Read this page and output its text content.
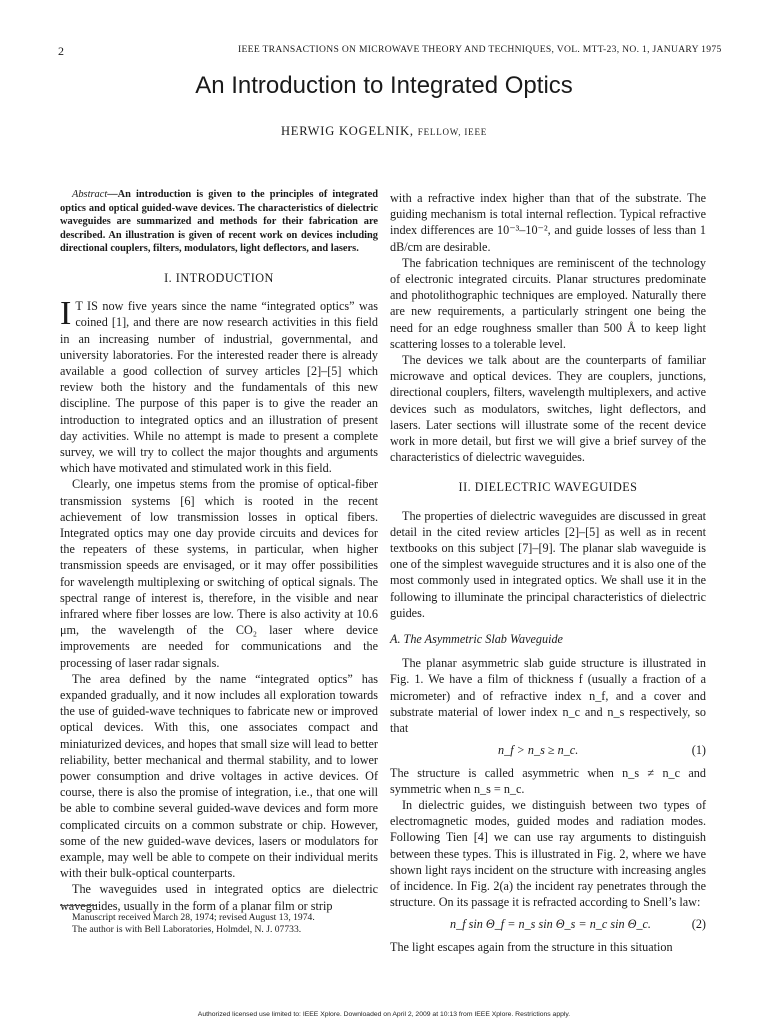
2	IEEE TRANSACTIONS ON MICROWAVE THEORY AND TECHNIQUES, VOL. MTT-23, NO. 1, JANUARY 1975
An Introduction to Integrated Optics
HERWIG KOGELNIK, FELLOW, IEEE

Abstract—An introduction is given to the principles of integrated optics and optical guided-wave devices. The characteristics of dielectric waveguides are summarized and methods for their fabrication are described. An illustration is given of recent work on devices including directional couplers, filters, modulators, light deflectors, and lasers.

I. INTRODUCTION

I T IS now five years since the name “integrated optics” was coined [1], and there are now research activities in this field in an increasing number of industrial, governmental, and university laboratories. For the interested reader there is already available a good collection of survey articles [2]–[5] which review both the history and the fundamentals of this new discipline. The purpose of this paper is to give the reader an introduction to integrated optics and an illustration of present day activities. While no attempt is made to present a complete survey, we will try to collect the major thoughts and arguments which have motivated and stimulated work in this field.

Clearly, one impetus stems from the promise of optical-fiber transmission systems [6] which is rooted in the recent achievement of low transmission losses in optical fibers. Integrated optics may one day provide circuits and devices for the repeaters of these systems, in particular, when higher transmission speeds are envisaged, or it may offer possibilities for wavelength multiplexing or switching of optical signals. The spectral range of interest is, therefore, in the visible and near infrared where fiber losses are low. There is also activity at 10.6 μm, the wavelength of the CO₂ laser where device improvements are needed for communications and the processing of laser radar signals.

The area defined by the name “integrated optics” has expanded gradually, and it now includes all exploration towards the use of guided-wave techniques to fabricate new or improved optical devices. With this, one associates compact and miniaturized devices, and hopes that small size will lead to better reliability, better mechanical and thermal stability, and to lower power consumption and drive voltages in active devices. Of course, there is also the promise of integration, i.e., that one will be able to combine several guided-wave devices and form more complicated circuits on a common substrate or chip. However, some of the new guided-wave devices, lasers or modulators for example, may well be able to compete on their individual merits with their bulk-optical counterparts.

The waveguides used in integrated optics are dielectric waveguides, usually in the form of a planar film or strip

Manuscript received March 28, 1974; revised August 13, 1974.
The author is with Bell Laboratories, Holmdel, N. J. 07733.

with a refractive index higher than that of the substrate. The guiding mechanism is total internal reflection. Typical refractive index differences are 10⁻³–10⁻², and guide losses of less than 1 dB/cm are desirable.

The fabrication techniques are reminiscent of the technology of electronic integrated circuits. Planar structures predominate and photolithographic techniques are employed. Naturally there are new requirements, a particularly stringent one being the need for an edge roughness smaller than 500 Å to keep light scattering losses to a tolerable level.

The devices we talk about are the counterparts of familiar microwave and optical devices. They are couplers, junctions, directional couplers, filters, wavelength multiplexers, and active devices such as modulators, switches, light deflectors, and lasers. Later sections will illustrate some of the recent device work in more detail, but first we will give a brief survey of the characteristics of dielectric waveguides.

II. DIELECTRIC WAVEGUIDES

The properties of dielectric waveguides are discussed in great detail in the cited review articles [2]–[5] as well as in recent textbooks on this subject [7]–[9]. The planar slab waveguide is one of the simplest waveguide structures and it is also one of the most commonly used in integrated optics. We shall use it in the following to illuminate the principal characteristics of dielectric guides.

A. The Asymmetric Slab Waveguide

The planar asymmetric slab guide structure is illustrated in Fig. 1. We have a film of thickness f (usually a fraction of a micrometer) and of refractive index n_f, and a cover and substrate material of lower index n_c and n_s respectively, so that

n_f > n_s ≥ n_c.	(1)

The structure is called asymmetric when n_s ≠ n_c and symmetric when n_s = n_c.

In dielectric guides, we distinguish between two types of electromagnetic modes, guided modes and radiation modes. Following Tien [4] we can use ray arguments to distinguish between these types. This is illustrated in Fig. 2, where we have shown light rays incident on the structure with increasing angles of incidence. In Fig. 2(a) the incident ray penetrates through the structure. On its passage it is refracted according to Snell’s law:

n_f sin Θ_f = n_s sin Θ_s = n_c sin Θ_c.	(2)

The light escapes again from the structure in this situation

Authorized licensed use limited to: IEEE Xplore. Downloaded on April 2, 2009 at 10:13 from IEEE Xplore. Restrictions apply.
